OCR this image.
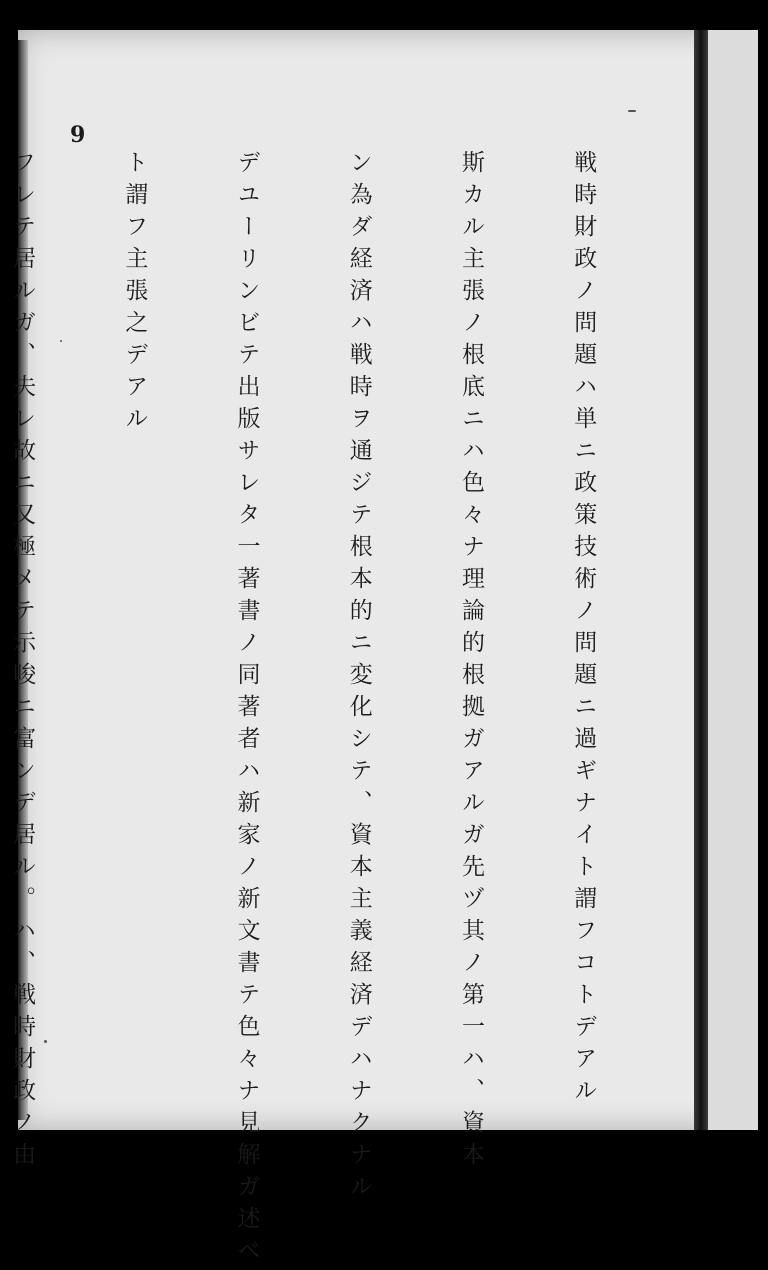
9

戦時財政ノ問題ハ単ニ政策技術ノ問題ニ過ギナイト謂フコトデアル

斯カル主張ノ根底ニハ色々ナ理論的根拠ガアルガ先ヅ其ノ第一ハ、資本

ン為ダ経済ハ戦時ヲ通ジテ根本的ニ変化シテ、資本主義経済デハナクナル

デユーリンビテ出版サレタ一著書ノ同著者ハ新家ノ新文書テ色々ナ見解ガ述べ

ト謂フ主張之デアル

フレテ居ルガ、夫レ故ニ又極メテ示唆ニ富ンデ居ル。ハ、戦時財政ノ由
